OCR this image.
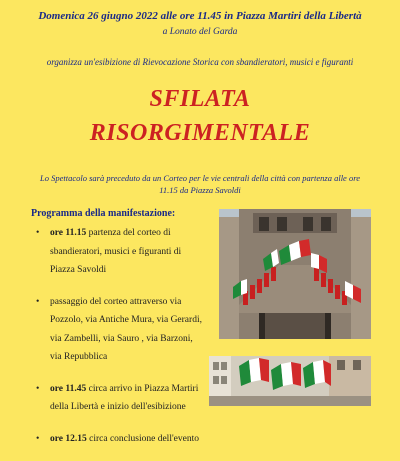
Domenica 26 giugno 2022 alle ore 11.45 in Piazza Martiri della Libertà
a Lonato del Garda
organizza un'esibizione di Rievocazione Storica con sbandieratori, musici e figuranti
SFILATA
RISORGIMENTALE
Lo Spettacolo sarà preceduto da un Corteo per le vie centrali della città con partenza alle ore 11.15 da Piazza Savoldi
Programma della manifestazione:
• ore 11.15 partenza del corteo di sbandieratori, musici e figuranti di Piazza Savoldi
• passaggio del corteo attraverso via Pozzolo, via Antiche Mura, via Gerardi, via Zambelli, via Sauro , via Barzoni, via Repubblica
• ore 11.45 circa arrivo in Piazza Martiri della Libertà e inizio dell'esibizione
• ore 12.15 circa conclusione dell'evento
